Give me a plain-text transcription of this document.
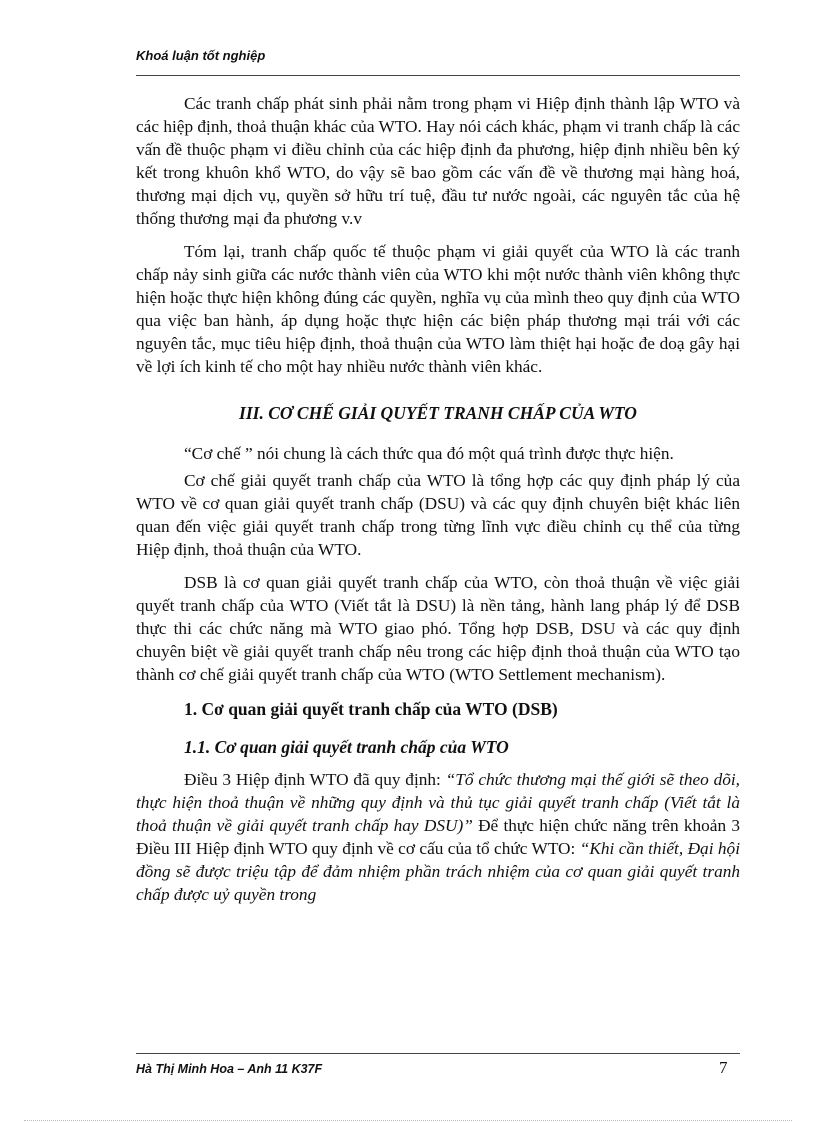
Khoá luận tốt nghiệp

Các tranh chấp phát sinh phải nằm trong phạm vi Hiệp định thành lập WTO và các hiệp định, thoả thuận khác của WTO. Hay nói cách khác, phạm vi tranh chấp là các vấn đề thuộc phạm vi điều chỉnh của các hiệp định đa phương, hiệp định nhiều bên ký kết trong khuôn khổ WTO, do vậy sẽ bao gồm các vấn đề về thương mại hàng hoá, thương mại dịch vụ, quyền sở hữu trí tuệ, đầu tư nước ngoài, các nguyên tắc của hệ thống thương mại đa phương v.v

Tóm lại, tranh chấp quốc tế thuộc phạm vi giải quyết của WTO là các tranh chấp nảy sinh giữa các nước thành viên của WTO khi một nước thành viên không thực hiện hoặc thực hiện không đúng các quyền, nghĩa vụ của mình theo quy định của WTO qua việc ban hành, áp dụng hoặc thực hiện các biện pháp thương mại trái với các nguyên tắc, mục tiêu hiệp định, thoả thuận của WTO làm thiệt hại hoặc đe doạ gây hại về lợi ích kinh tế cho một hay nhiều nước thành viên khác.

III. CƠ CHẾ GIẢI QUYẾT TRANH CHẤP CỦA WTO

“Cơ chế ” nói chung là cách thức qua đó một quá trình được thực hiện.

Cơ chế giải quyết tranh chấp của WTO là tổng hợp các quy định pháp lý của WTO về cơ quan giải quyết tranh chấp (DSU) và các quy định chuyên biệt khác liên quan đến việc giải quyết tranh chấp trong từng lĩnh vực điều chỉnh cụ thể của từng Hiệp định, thoả thuận của WTO.

DSB là cơ quan giải quyết tranh chấp của WTO, còn thoả thuận về việc giải quyết tranh chấp của WTO (Viết tắt là DSU) là nền tảng, hành lang pháp lý để DSB thực thi các chức năng mà WTO giao phó. Tổng hợp DSB, DSU và các quy định chuyên biệt về giải quyết tranh chấp nêu trong các hiệp định thoả thuận của WTO tạo thành cơ chế giải quyết tranh chấp của WTO (WTO Settlement mechanism).

1. Cơ quan giải quyết tranh chấp của WTO (DSB)
1.1. Cơ quan giải quyết tranh chấp của WTO

Điều 3 Hiệp định WTO đã quy định: “Tổ chức thương mại thế giới sẽ theo dõi, thực hiện thoả thuận về những quy định và thủ tục giải quyết tranh chấp (Viết tắt là thoả thuận về giải quyết tranh chấp hay DSU)” Để thực hiện chức năng trên khoản 3 Điều III Hiệp định WTO quy định về cơ cấu của tổ chức WTO: “Khi cần thiết, Đại hội đồng sẽ được triệu tập để đảm nhiệm phần trách nhiệm của cơ quan giải quyết tranh chấp được uỷ quyền trong

Hà Thị Minh Hoa – Anh 11 K37F	7
